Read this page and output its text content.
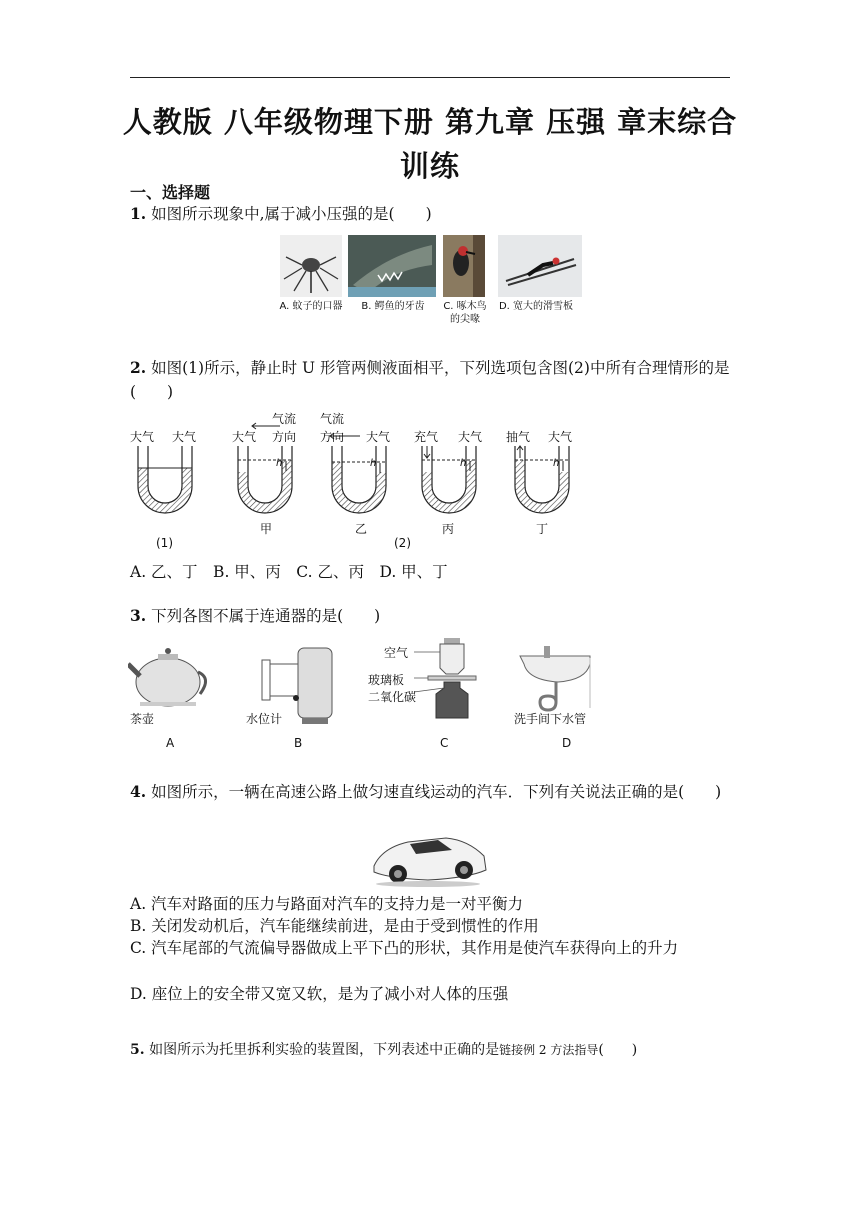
人教版 八年级物理下册 第九章 压强 章末综合训练
一、选择题
1. 如图所示现象中,属于减小压强的是(　　)
A. 蚊子的口器	B. 鳄鱼的牙齿	C. 啄木鸟的尖喙
D. 宽大的滑雪板
2. 如图(1)所示，静止时 U 形管两侧液面相平，下列选项包含图(2)中所有合理情形的是(　　)
大气 大气	大气
气流
方向
气流
方向 大气 充气 大气 抽气 大气
h	h	h	h
甲	乙	丙	丁
(1)	(2)
A. 乙、丁　B. 甲、丙　C. 乙、丙　D. 甲、丁
3. 下列各图不属于连通器的是(　　)
茶壶	水位计
空气
玻璃板
二氧化碳
洗手间下水管
A	B	C	D
4. 如图所示，一辆在高速公路上做匀速直线运动的汽车．下列有关说法正确的是(　　)
A. 汽车对路面的压力与路面对汽车的支持力是一对平衡力
B. 关闭发动机后，汽车能继续前进，是由于受到惯性的作用
C. 汽车尾部的气流偏导器做成上平下凸的形状，其作用是使汽车获得向上的升力
D. 座位上的安全带又宽又软，是为了减小对人体的压强
5. 如图所示为托里拆利实验的装置图，下列表述中正确的是链接例 2 方法指导(　　)
